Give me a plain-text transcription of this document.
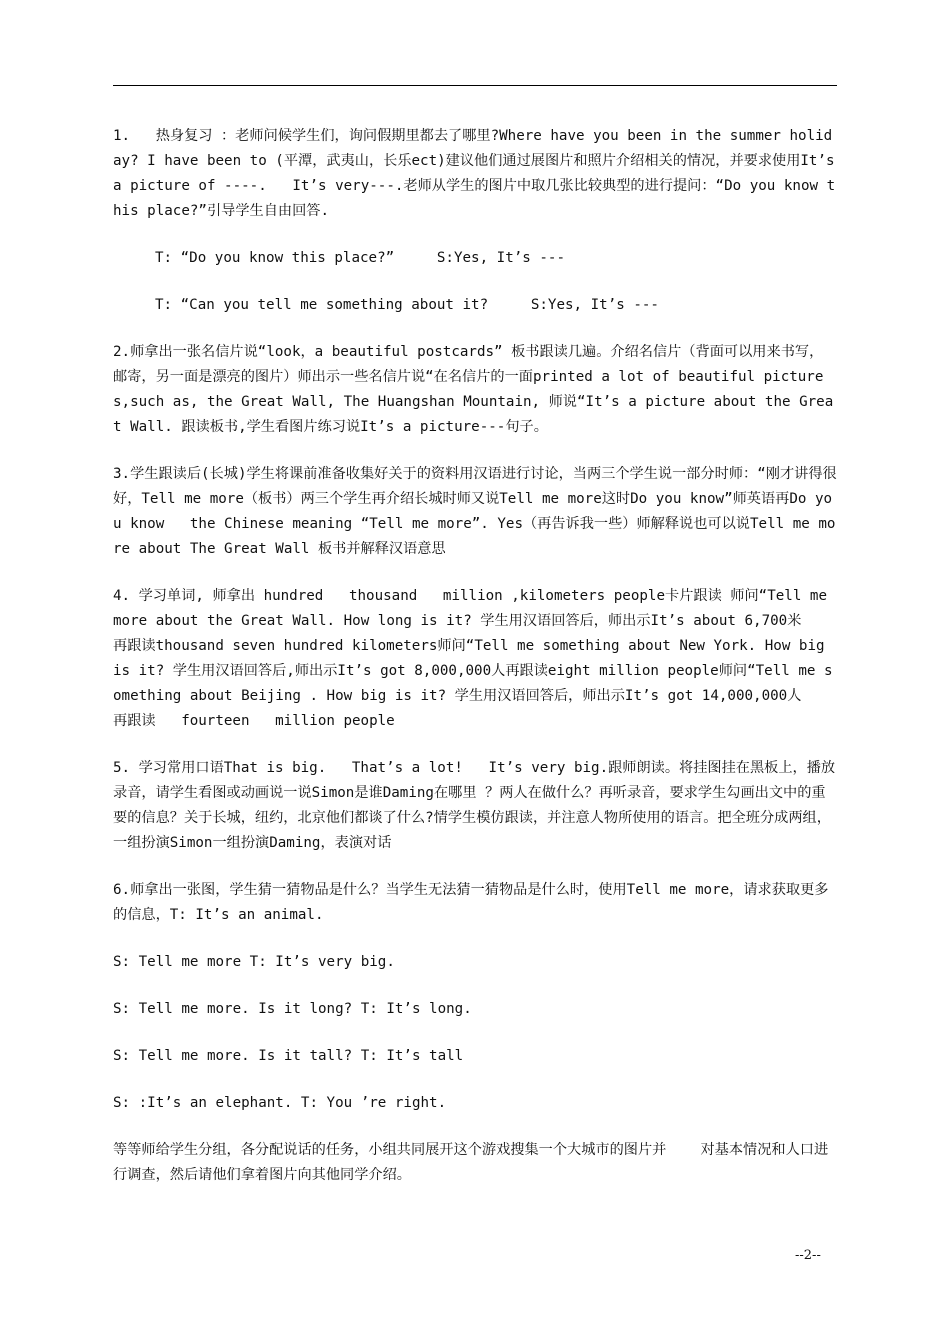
1.   热身复习 ：老师问候学生们，询问假期里都去了哪里?Where have you been in the summer holiday? I have been to (平潭，武夷山，长乐ect)建议他们通过展图片和照片介绍相关的情况，并要求使用It’s a picture of ----.   It’s very---.老师从学生的图片中取几张比较典型的进行提问：“Do you know this place?”引导学生自由回答.

T: “Do you know this place?”     S:Yes, It’s ---

T: “Can you tell me something about it?     S:Yes, It’s ---

2.师拿出一张名信片说“look，a beautiful postcards” 板书跟读几遍。介绍名信片（背面可以用来书写，邮寄，另一面是漂亮的图片）师出示一些名信片说“在名信片的一面printed a lot of beautiful pictures,such as, the Great Wall, The Huangshan Mountain, 师说“It’s a picture about the Great Wall. 跟读板书,学生看图片练习说It’s a picture---句子。

3.学生跟读后(长城)学生将课前准备收集好关于的资料用汉语进行讨论，当两三个学生说一部分时师：“刚才讲得很好，Tell me more（板书）两三个学生再介绍长城时师又说Tell me more这时Do you know”师英语再Do you know   the Chinese meaning “Tell me more”. Yes（再告诉我一些）师解释说也可以说Tell me more about The Great Wall 板书并解释汉语意思

4. 学习单词, 师拿出 hundred   thousand   million ,kilometers people卡片跟读 师问“Tell me more about the Great Wall. How long is it? 学生用汉语回答后，师出示It’s about 6,700米      再跟读thousand seven hundred kilometers师问“Tell me something about New York. How big is it? 学生用汉语回答后,师出示It’s got 8,000,000人再跟读eight million people师问“Tell me something about Beijing . How big is it? 学生用汉语回答后，师出示It’s got 14,000,000人      再跟读   fourteen   million people

5. 学习常用口语That is big.   That’s a lot!   It’s very big.跟师朗读。将挂图挂在黑板上，播放录音，请学生看图或动画说一说Simon是谁Daming在哪里 ？两人在做什么？再听录音，要求学生勾画出文中的重要的信息？关于长城，纽约，北京他们都谈了什么?情学生模仿跟读，并注意人物所使用的语言。把全班分成两组，一组扮演Simon一组扮演Daming，表演对话

6.师拿出一张图，学生猜一猜物品是什么？当学生无法猜一猜物品是什么时，使用Tell me more，请求获取更多的信息，T: It’s an animal.

S: Tell me more T: It’s very big.

S: Tell me more. Is it long? T: It’s long.

S: Tell me more. Is it tall? T: It’s tall

S: :It’s an elephant. T: You ’re right.

等等师给学生分组，各分配说话的任务，小组共同展开这个游戏搜集一个大城市的图片并    对基本情况和人口进行调查，然后请他们拿着图片向其他同学介绍。

--2--
